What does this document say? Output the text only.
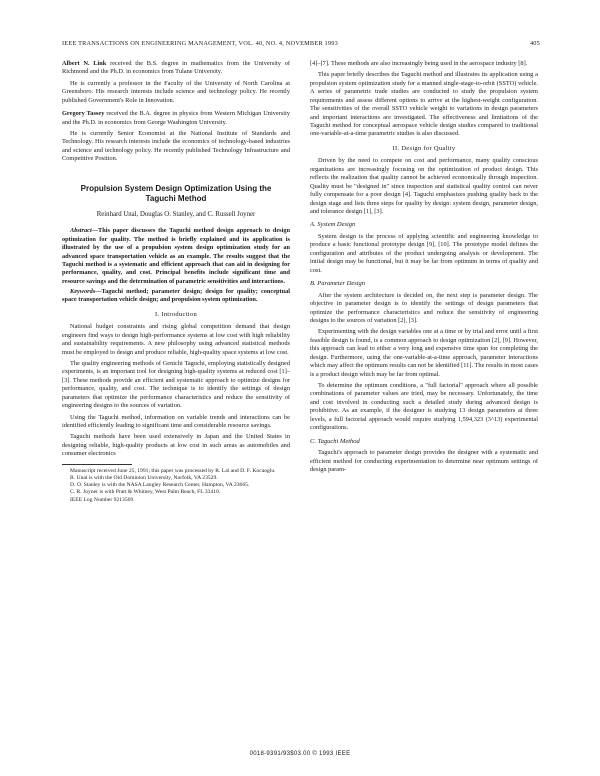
IEEE TRANSACTIONS ON ENGINEERING MANAGEMENT, VOL. 40, NO. 4, NOVEMBER 1993	405

Albert N. Link received the B.S. degree in mathematics from the University of Richmond and the Ph.D. in economics from Tulane University.

He is currently a professor in the Faculty of the University of North Carolina at Greensboro. His research interests include science and technology policy. He recently published Government's Role in Innovation.

Gregory Tassey received the B.A. degree in physics from Western Michigan University and the Ph.D. in economics from George Washington University.

He is currently Senior Economist at the National Institute of Standards and Technology. His research interests include the economics of technology-based industries and science and technology policy. He recently published Technology Infrastructure and Competitive Position.

Propulsion System Design Optimization Using the
Taguchi Method
Reinhard Unal, Douglas O. Stanley, and C. Russell Joyner

Abstract—This paper discusses the Taguchi method design approach to design optimization for quality. The method is briefly explained and its application is illustrated by the use of a propulsion system design optimization study for an advanced space transportation vehicle as an example. The results suggest that the Taguchi method is a systematic and efficient approach that can aid in designing for performance, quality, and cost. Principal benefits include significant time and resource savings and the determination of parametric sensitivities and interactions.

Keywords—Taguchi method; parameter design; design for quality; conceptual space transportation vehicle design; and propulsion system optimization.

I. Introduction

National budget constraints and rising global competition demand that design engineers find ways to design high-performance systems at low cost with high reliability and sustainability requirements. A new philosophy using advanced statistical methods must be employed to design and produce reliable, high-quality space systems at low cost.

The quality engineering methods of Genichi Taguchi, employing statistically designed experiments, is an important tool for designing high-quality systems at reduced cost [1]–[3]. These methods provide an efficient and systematic approach to optimize designs for performance, quality, and cost. The technique is to identify the settings of design parameters that optimize the performance characteristics and reduce the sensitivity of engineering designs to the sources of variation.

Using the Taguchi method, information on variable trends and interactions can be identified efficiently leading to significant time and considerable resource savings.

Taguchi methods have been used extensively in Japan and the United States in designing reliable, high-quality products at low cost in such areas as automobiles and consumer electronics

Manuscript received June 25, 1991; this paper was processed by R. Lal and D. F. Kocaoglu.

R. Unal is with the Old Dominion University, Norfolk, VA 23529.

D. O. Stanley is with the NASA Langley Research Center, Hampton, VA 23665.

C. R. Joyner is with Pratt & Whitney, West Palm Beach, FL 33410.

IEEE Log Number 9213569.

[4]–[7]. These methods are also increasingly being used in the aerospace industry [8].

This paper briefly describes the Taguchi method and illustrates its application using a propulsion system optimization study for a manned single-stage-to-orbit (SSTO) vehicle. A series of parametric trade studies are conducted to study the propulsion system requirements and assess different options to arrive at the highest-weight configuration. The sensitivities of the overall SSTO vehicle weight to variations in design parameters and important interactions are investigated. The effectiveness and limitations of the Taguchi method for conceptual aerospace vehicle design studies compared to traditional one-variable-at-a-time parametric studies is also discussed.

II. Design for Quality

Driven by the need to compete on cost and performance, many quality conscious organizations are increasingly focusing on the optimization of product design. This reflects the realization that quality cannot be achieved economically through inspection. Quality must be "designed in" since inspection and statistical quality control can never fully compensate for a poor design [4]. Taguchi emphasizes pushing quality back to the design stage and lists three steps for quality by design: system design, parameter design, and tolerance design [1], [3].

A. System Design

System design is the process of applying scientific and engineering knowledge to produce a basic functional prototype design [9], [10]. The prototype model defines the configuration and attributes of the product undergoing analysis or development. The initial design may be functional, but it may be far from optimum in terms of quality and cost.

B. Parameter Design

After the system architecture is decided on, the next step is parameter design. The objective in parameter design is to identify the settings of design parameters that optimize the performance characteristics and reduce the sensitivity of engineering designs to the sources of variation [2], [3].

Experimenting with the design variables one at a time or by trial and error until a first feasible design is found, is a common approach to design optimization [2], [9]. However, this approach can lead to either a very long and expensive time span for completing the design. Furthermore, using the one-variable-at-a-time approach, parameter interactions which may affect the optimum results can not be identified [11]. The results in most cases is a product design which may be far from optimal.

To determine the optimum conditions, a "full factorial" approach where all possible combinations of parameter values are tried, may be necessary. Unfortunately, the time and cost involved in conducting such a detailed study during advanced design is prohibitive. As an example, if the designer is studying 13 design parameters at three levels, a full factorial approach would require studying 1,594,323 (3^13) experimental configurations.

C. Taguchi Method

Taguchi's approach to parameter design provides the designer with a systematic and efficient method for conducting experimentation to determine near optimum settings of design param-

0018-9391/93$03.00 © 1993 IEEE
